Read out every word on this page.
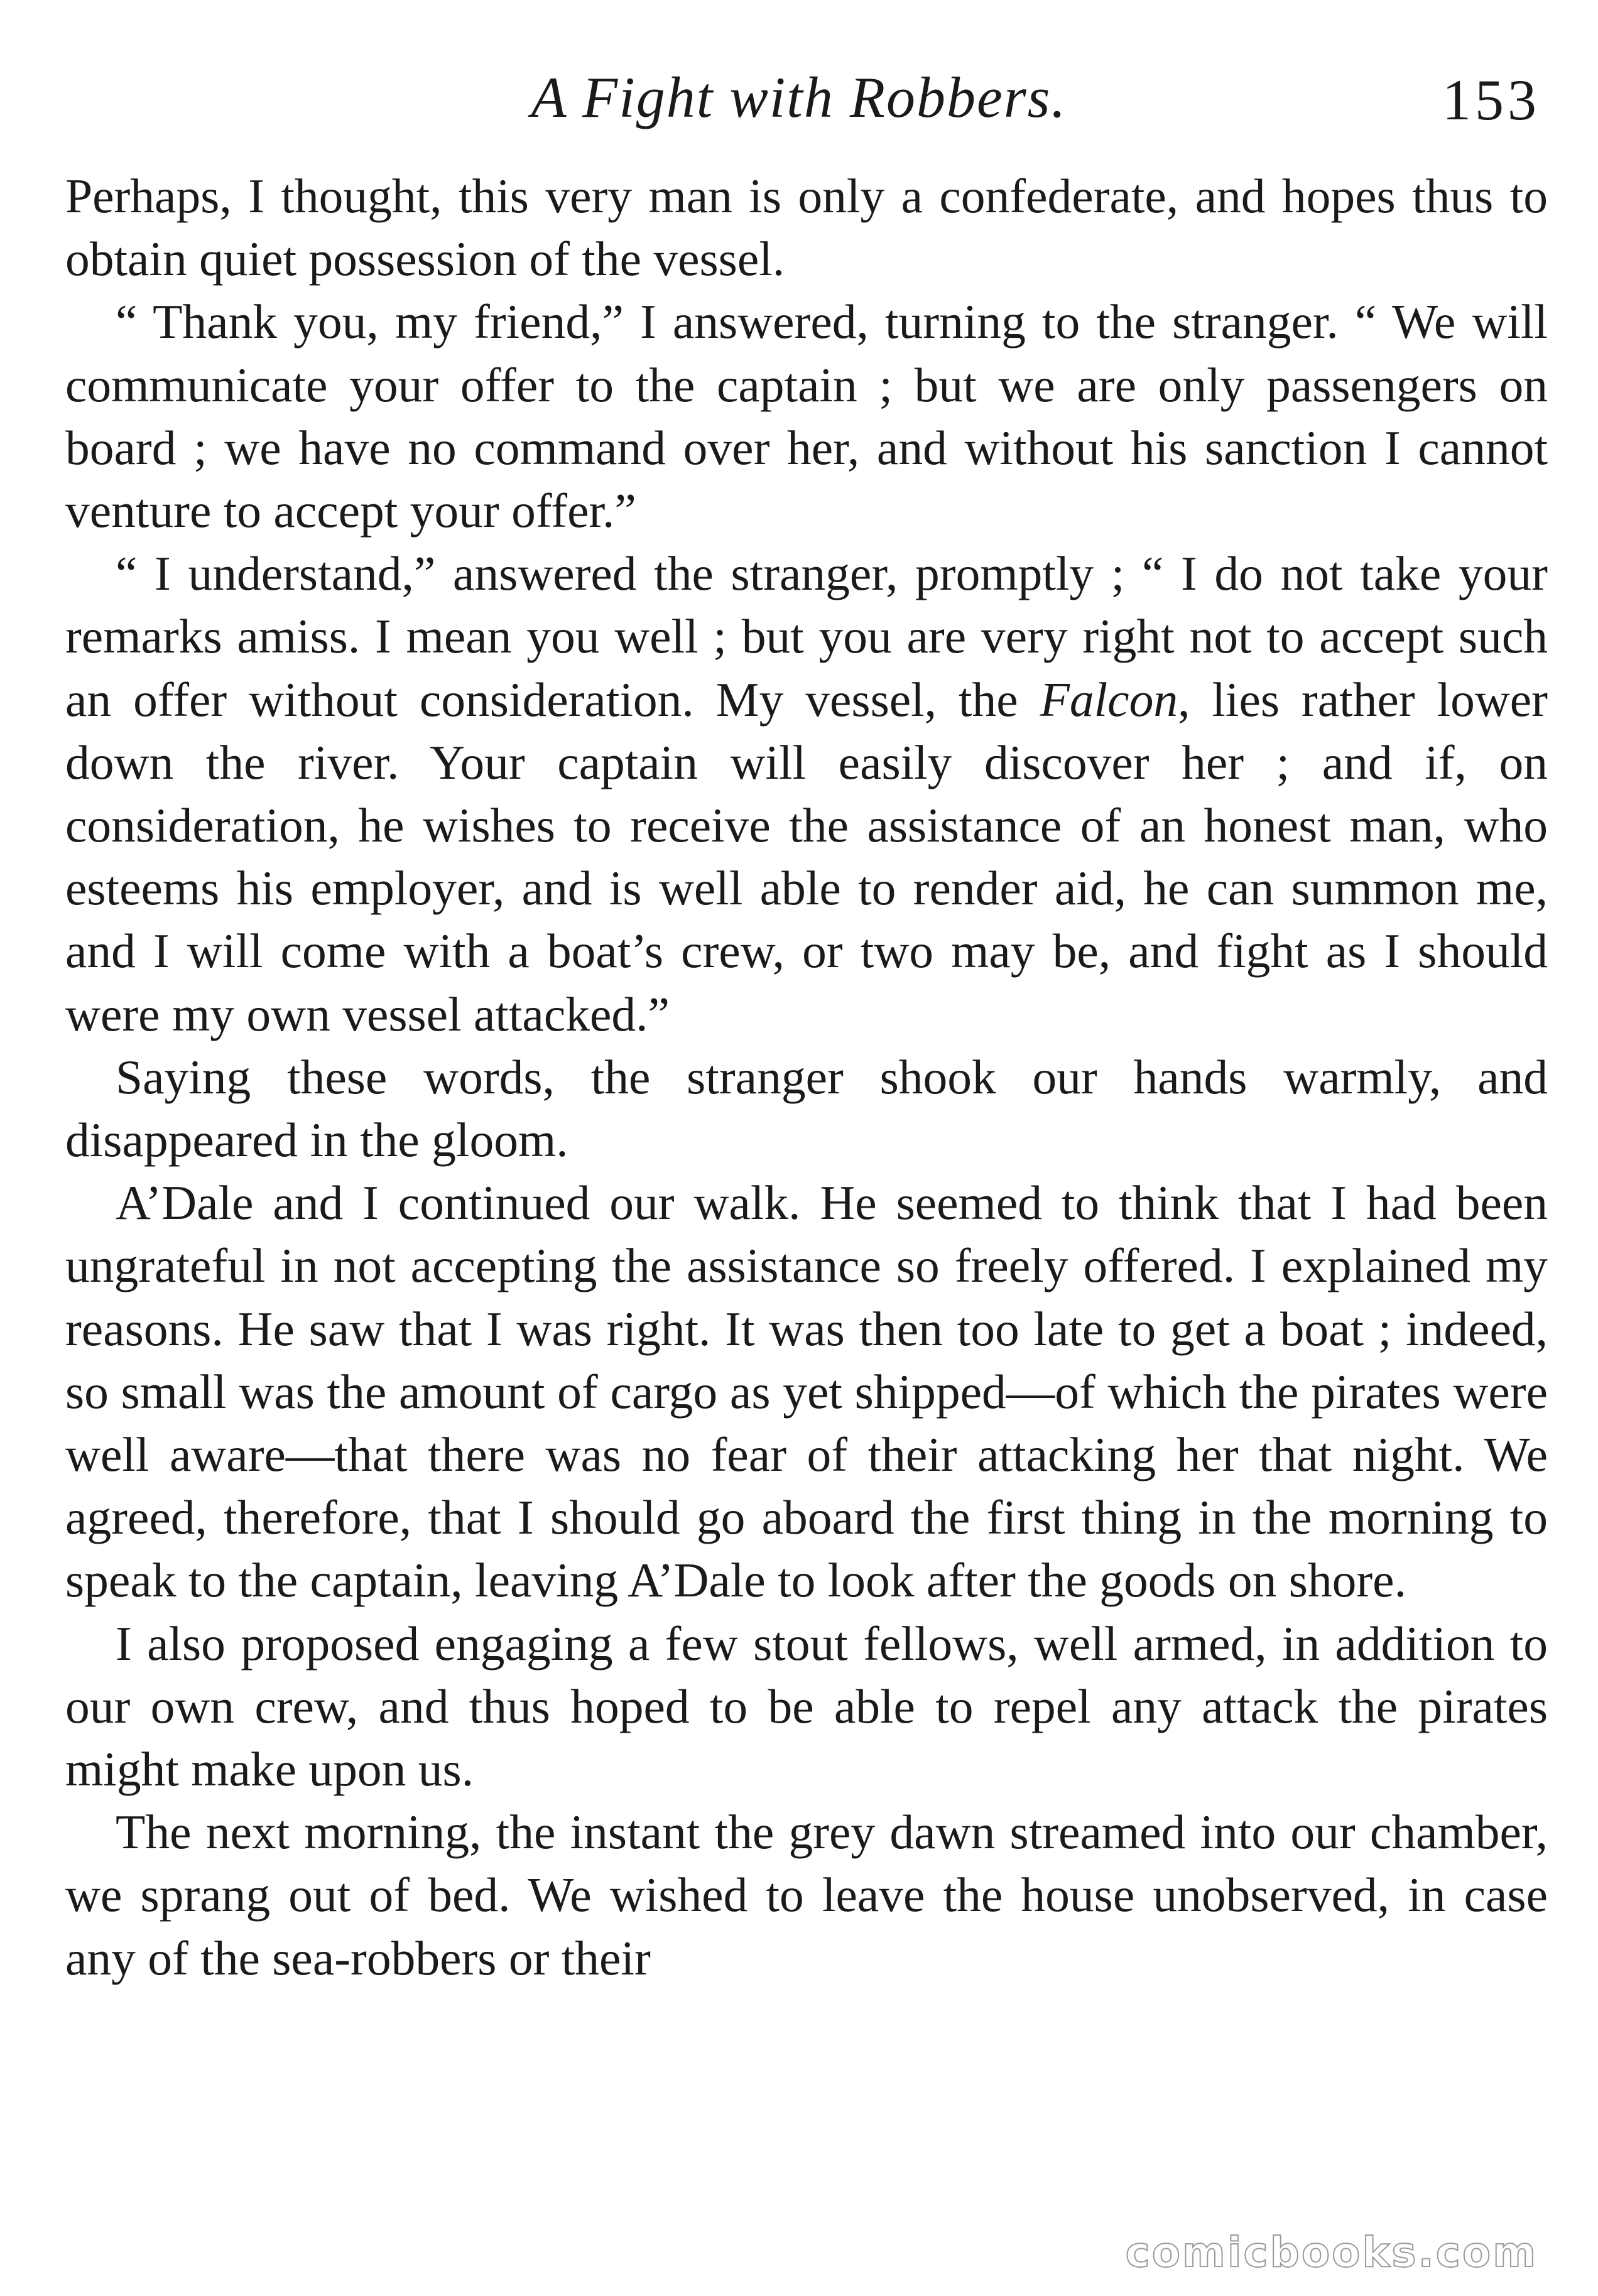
A Fight with Robbers.	153

Perhaps, I thought, this very man is only a confederate, and hopes thus to obtain quiet possession of the vessel.

“ Thank you, my friend,” I answered, turning to the stranger. “ We will communicate your offer to the captain ; but we are only passengers on board ; we have no command over her, and without his sanction I cannot venture to accept your offer.”

“ I understand,” answered the stranger, promptly ; “ I do not take your remarks amiss. I mean you well ; but you are very right not to accept such an offer without consideration. My vessel, the Falcon, lies rather lower down the river. Your captain will easily discover her ; and if, on consideration, he wishes to receive the assistance of an honest man, who esteems his employer, and is well able to render aid, he can summon me, and I will come with a boat’s crew, or two may be, and fight as I should were my own vessel attacked.”

Saying these words, the stranger shook our hands warmly, and disappeared in the gloom.

A’Dale and I continued our walk. He seemed to think that I had been ungrateful in not accepting the assistance so freely offered. I explained my reasons. He saw that I was right. It was then too late to get a boat ; indeed, so small was the amount of cargo as yet shipped—of which the pirates were well aware—that there was no fear of their attacking her that night. We agreed, therefore, that I should go aboard the first thing in the morning to speak to the captain, leaving A’Dale to look after the goods on shore.

I also proposed engaging a few stout fellows, well armed, in addition to our own crew, and thus hoped to be able to repel any attack the pirates might make upon us.

The next morning, the instant the grey dawn streamed into our chamber, we sprang out of bed. We wished to leave the house unobserved, in case any of the sea-robbers or their

comicbooks.com
